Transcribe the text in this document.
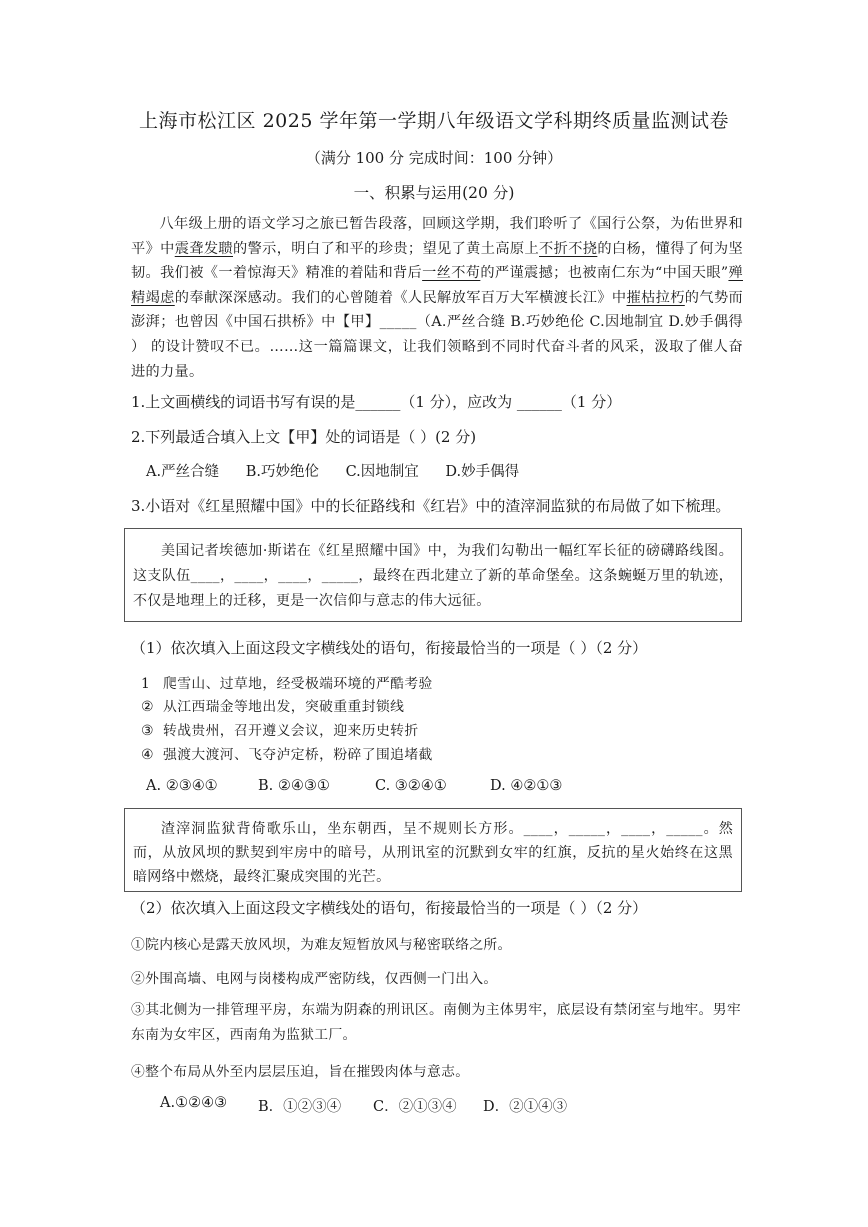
上海市松江区 2025 学年第一学期八年级语文学科期终质量监测试卷
（满分 100 分 完成时间：100 分钟）
一、积累与运用(20 分)
八年级上册的语文学习之旅已暂告段落，回顾这学期，我们聆听了《国行公祭，为佑世界和平》中震聋发聩的警示，明白了和平的珍贵；望见了黄土高原上不折不挠的白杨，懂得了何为坚韧。我们被《一着惊海天》精准的着陆和背后一丝不苟的严谨震撼；也被南仁东为“中国天眼”殚精竭虑的奉献深深感动。我们的心曾随着《人民解放军百万大军横渡长江》中摧枯拉朽的气势而澎湃；也曾因《中国石拱桥》中【甲】_____（A.严丝合缝 B.巧妙绝伦 C.因地制宜 D.妙手偶得 ） 的设计赞叹不已。……这一篇篇课文，让我们领略到不同时代奋斗者的风采，汲取了催人奋进的力量。
1.上文画横线的词语书写有误的是______（1 分），应改为 ______（1 分）
2.下列最适合填入上文【甲】处的词语是（ ）(2 分)
A.严丝合缝 B.巧妙绝伦 C.因地制宜 D.妙手偶得
3.小语对《红星照耀中国》中的长征路线和《红岩》中的渣滓洞监狱的布局做了如下梳理。
美国记者埃德加·斯诺在《红星照耀中国》中，为我们勾勒出一幅红军长征的磅礴路线图。这支队伍____，____，____，_____，最终在西北建立了新的革命堡垒。这条蜿蜒万里的轨迹，不仅是地理上的迁移，更是一次信仰与意志的伟大远征。
（1）依次填入上面这段文字横线处的语句，衔接最恰当的一项是（ ）（2 分）
1 爬雪山、过草地，经受极端环境的严酷考验
② 从江西瑞金等地出发，突破重重封锁线
③ 转战贵州，召开遵义会议，迎来历史转折
④ 强渡大渡河、飞夺泸定桥，粉碎了围追堵截
A. ②③④①	B. ②④③①	C. ③②④①	D. ④②①③
渣滓洞监狱背倚歌乐山，坐东朝西，呈不规则长方形。____，_____，____，_____。然而，从放风坝的默契到牢房中的暗号，从刑讯室的沉默到女牢的红旗，反抗的星火始终在这黑暗网络中燃烧，最终汇聚成突围的光芒。
（2）依次填入上面这段文字横线处的语句，衔接最恰当的一项是（ ）（2 分）
①院内核心是露天放风坝，为难友短暂放风与秘密联络之所。
②外围高墙、电网与岗楼构成严密防线，仅西侧一门出入。
③其北侧为一排管理平房，东端为阴森的刑讯区。南侧为主体男牢，底层设有禁闭室与地牢。男牢东南为女牢区，西南角为监狱工厂。
④整个布局从外至内层层压迫，旨在摧毁肉体与意志。
A.①②④③ B．①②③④ C．②①③④ D．②①④③
